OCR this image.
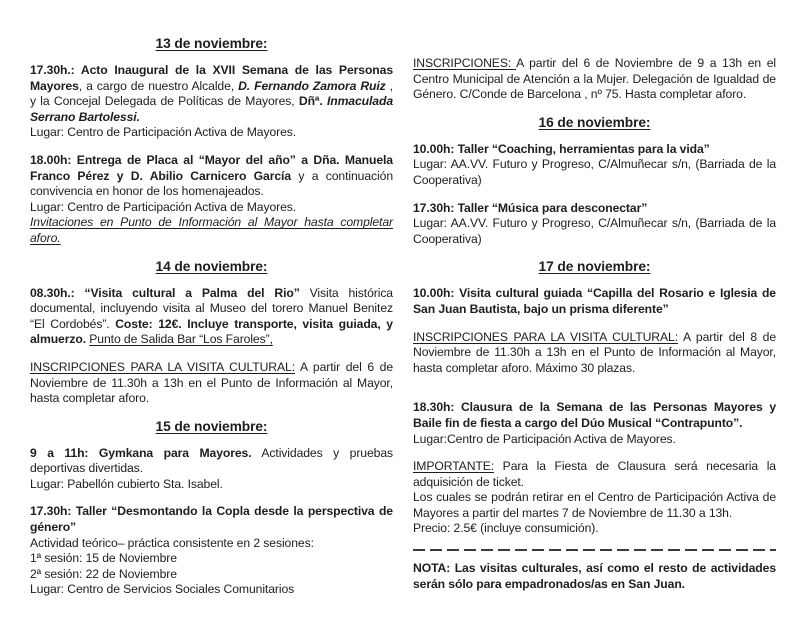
13 de noviembre:

17.30h.: Acto Inaugural de la XVII Semana de las Personas Mayores, a cargo de nuestro Alcalde, D. Fernando Zamora Ruiz , y la Concejal Delegada de Políticas de Mayores, Dñª. Inmaculada Serrano Bartolessi.

Lugar: Centro de Participación Activa de Mayores.

18.00h: Entrega de Placa al “Mayor del año” a Dña. Manuela Franco Pérez y D. Abilio Carnicero García y a continuación convivencia en honor de los homenajeados.

Lugar: Centro de Participación Activa de Mayores.

Invitaciones en Punto de Información al Mayor hasta completar aforo.

14 de noviembre:

08.30h.: “Visita cultural a Palma del Rio” Visita histórica documental, incluyendo visita al Museo del torero Manuel Benitez “El Cordobés”. Coste: 12€. Incluye transporte, visita guiada, y almuerzo. Punto de Salida Bar “Los Faroles”,

INSCRIPCIONES PARA LA VISITA CULTURAL: A partir del 6 de Noviembre de 11.30h a 13h en el Punto de Información al Mayor, hasta completar aforo.

15 de noviembre:

9 a 11h: Gymkana para Mayores. Actividades y pruebas deportivas divertidas.

Lugar: Pabellón cubierto Sta. Isabel.

17.30h: Taller “Desmontando la Copla desde la perspectiva de género”

Actividad teórico– práctica consistente en 2 sesiones:

1ª sesión: 15 de Noviembre

2ª sesión: 22 de Noviembre

Lugar: Centro de Servicios Sociales Comunitarios

INSCRIPCIONES: A partir del 6 de Noviembre de 9 a 13h en el Centro Municipal de Atención a la Mujer. Delegación de Igualdad de Género. C/Conde de Barcelona , nº 75. Hasta completar aforo.

16 de noviembre:

10.00h: Taller “Coaching, herramientas para la vida”

Lugar: AA.VV. Futuro y Progreso, C/Almuñecar s/n, (Barriada de la Cooperativa)

17.30h: Taller “Música para desconectar”

Lugar: AA.VV. Futuro y Progreso, C/Almuñecar s/n, (Barriada de la Cooperativa)

17 de noviembre:

10.00h: Visita cultural guiada “Capilla del Rosario e Iglesia de San Juan Bautista, bajo un prisma diferente”

INSCRIPCIONES PARA LA VISITA CULTURAL: A partir del 8 de Noviembre de 11.30h a 13h en el Punto de Información al Mayor, hasta completar aforo. Máximo 30 plazas.

18.30h: Clausura de la Semana de las Personas Mayores y Baile fin de fiesta a cargo del Dúo Musical “Contrapunto”.

Lugar:Centro de Participación Activa de Mayores.

IMPORTANTE: Para la Fiesta de Clausura será necesaria la adquisición de ticket.

Los cuales se podrán retirar en el Centro de Participación Activa de Mayores a partir del martes 7 de Noviembre de 11.30 a 13h.

Precio: 2.5€ (incluye consumición).

NOTA: Las visitas culturales, así como el resto de actividades serán sólo para empadronados/as en San Juan.
